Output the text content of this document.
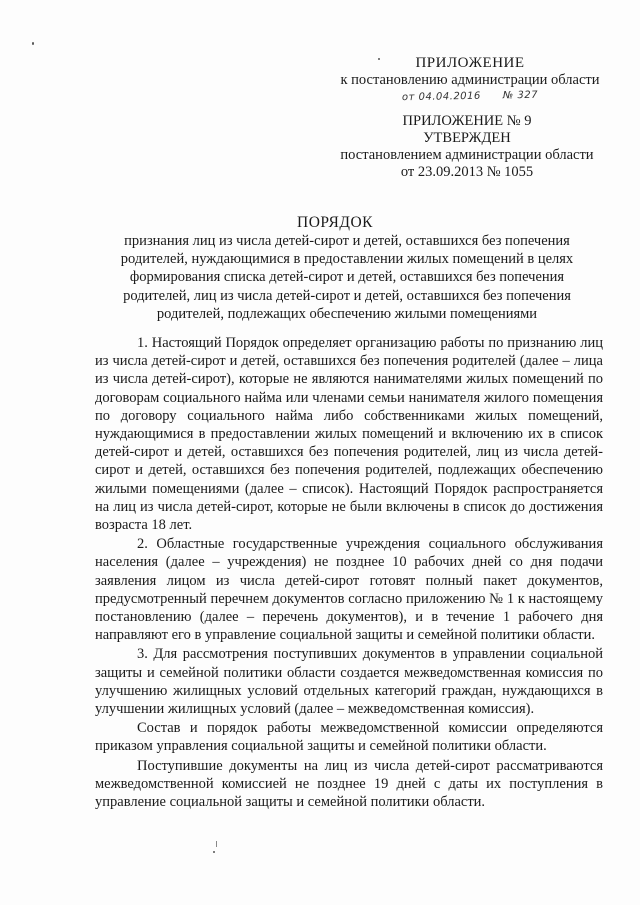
ПРИЛОЖЕНИЕ
к постановлению администрации области
от 04.04.2016 № 327
ПРИЛОЖЕНИЕ № 9
УТВЕРЖДЕН
постановлением администрации области
от 23.09.2013 № 1055
ПОРЯДОК
признания лиц из числа детей-сирот и детей, оставшихся без попечения родителей, нуждающимися в предоставлении жилых помещений в целях формирования списка детей-сирот и детей, оставшихся без попечения родителей, лиц из числа детей-сирот и детей, оставшихся без попечения родителей, подлежащих обеспечению жилыми помещениями

1. Настоящий Порядок определяет организацию работы по признанию лиц из числа детей-сирот и детей, оставшихся без попечения родителей (далее – лица из числа детей-сирот), которые не являются нанимателями жилых помещений по договорам социального найма или членами семьи нанимателя жилого помещения по договору социального найма либо собственниками жилых помещений, нуждающимися в предоставлении жилых помещений и включению их в список детей-сирот и детей, оставшихся без попечения родителей, лиц из числа детей-сирот и детей, оставшихся без попечения родителей, подлежащих обеспечению жилыми помещениями (далее – список). Настоящий Порядок распространяется на лиц из числа детей-сирот, которые не были включены в список до достижения возраста 18 лет.

2. Областные государственные учреждения социального обслуживания населения (далее – учреждения) не позднее 10 рабочих дней со дня подачи заявления лицом из числа детей-сирот готовят полный пакет документов, предусмотренный перечнем документов согласно приложению № 1 к настоящему постановлению (далее – перечень документов), и в течение 1 рабочего дня направляют его в управление социальной защиты и семейной политики области.

3. Для рассмотрения поступивших документов в управлении социальной защиты и семейной политики области создается межведомственная комиссия по улучшению жилищных условий отдельных категорий граждан, нуждающихся в улучшении жилищных условий (далее – межведомственная комиссия).

Состав и порядок работы межведомственной комиссии определяются приказом управления социальной защиты и семейной политики области.

Поступившие документы на лиц из числа детей-сирот рассматриваются межведомственной комиссией не позднее 19 дней с даты их поступления в управление социальной защиты и семейной политики области.
